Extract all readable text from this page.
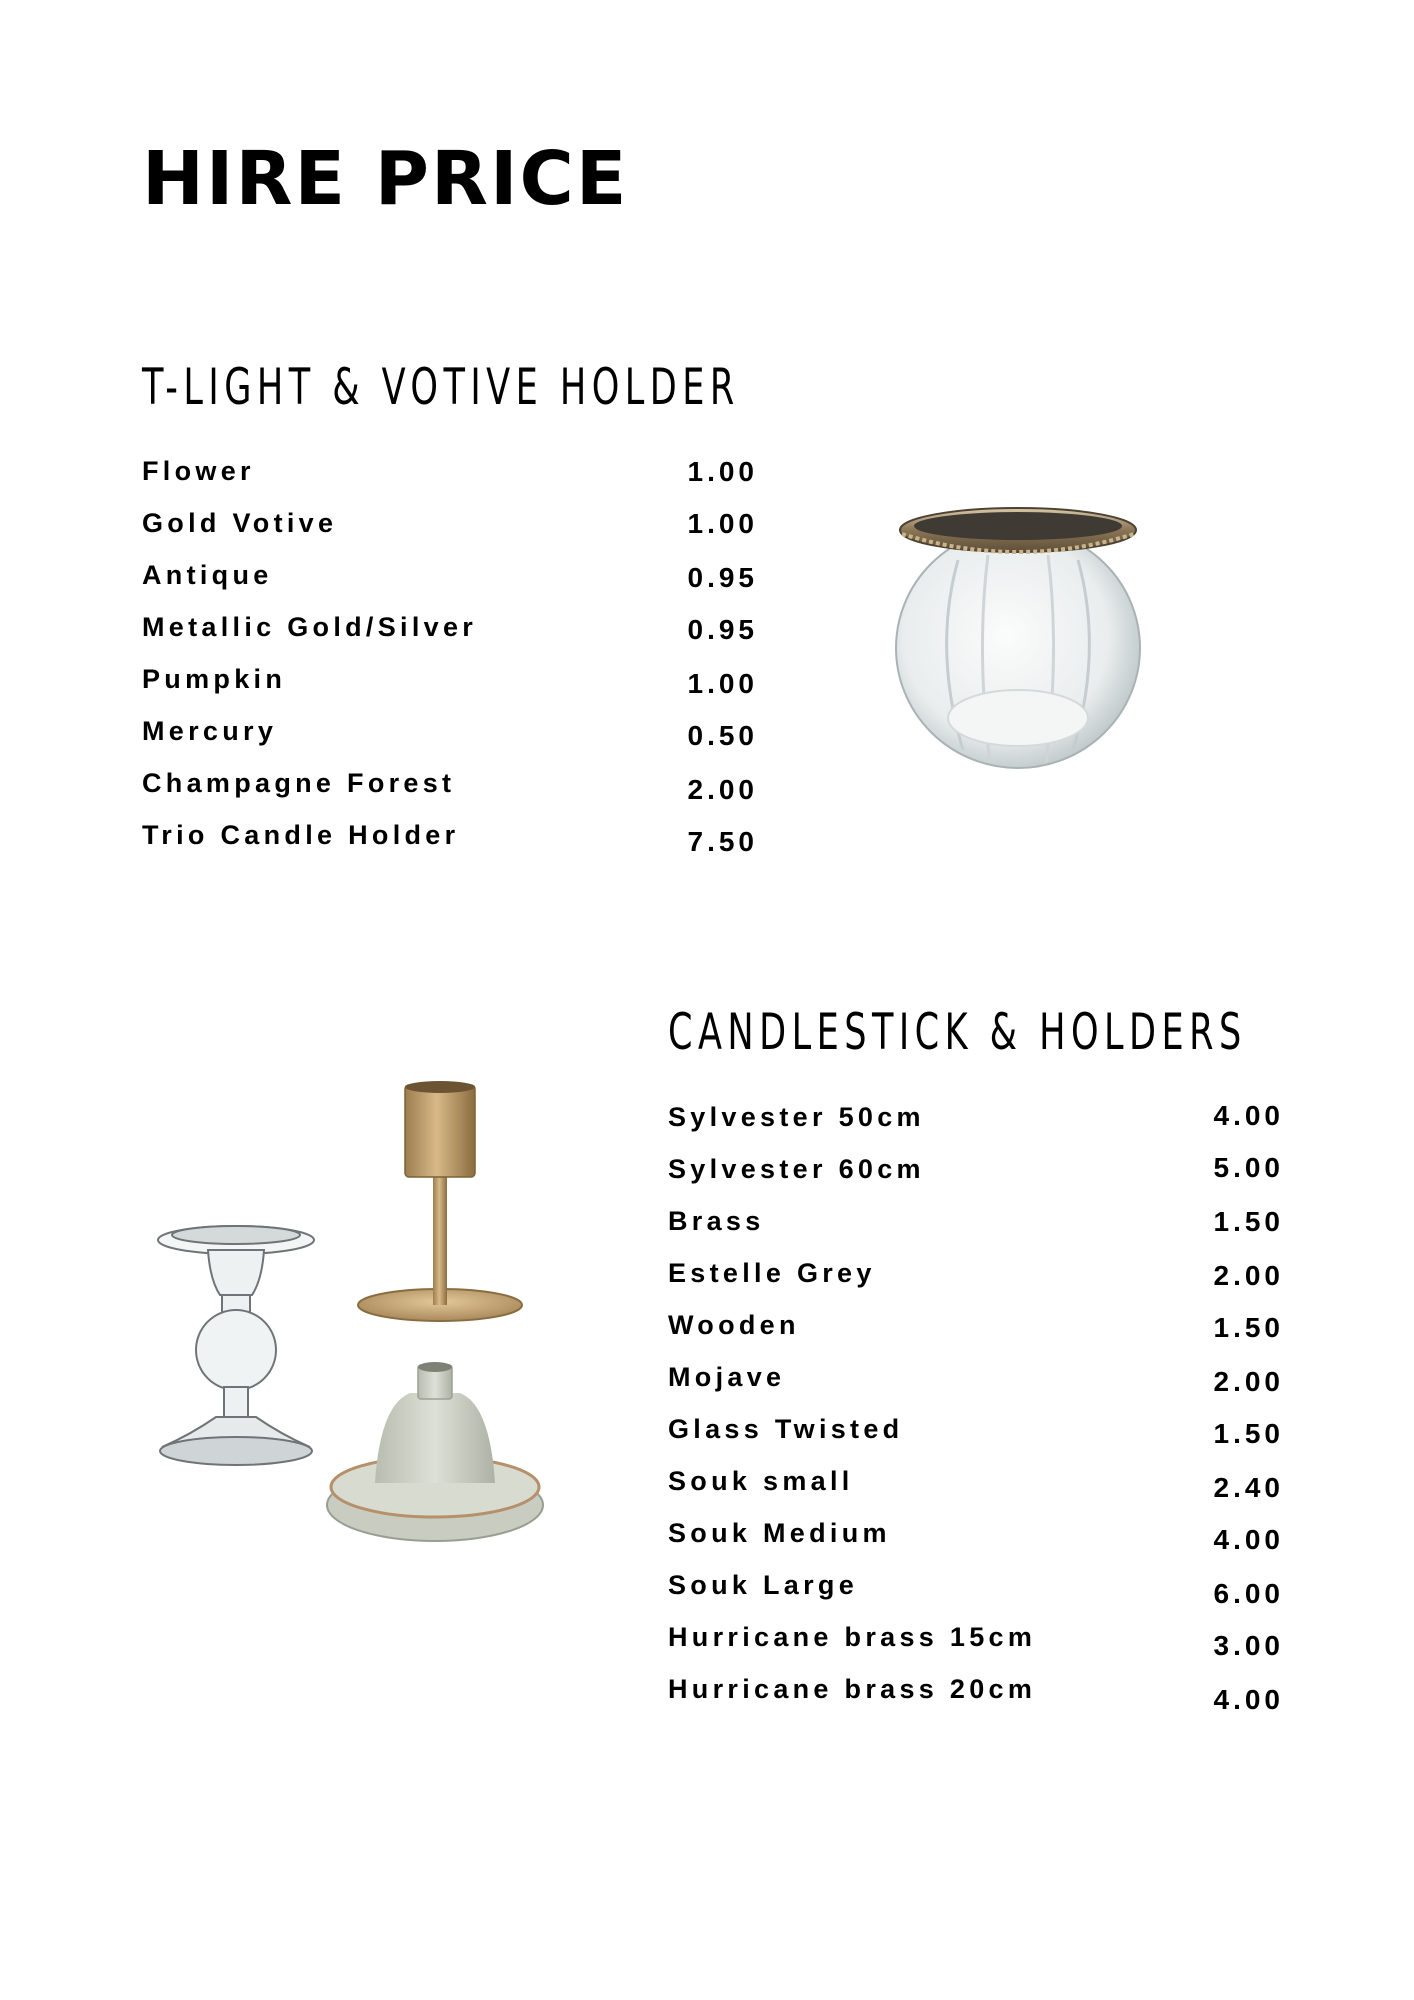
HIRE PRICE
T-LIGHT & VOTIVE HOLDER
Flower	1.00
Gold Votive	1.00
Antique	0.95
Metallic Gold/Silver	0.95
Pumpkin	1.00
Mercury	0.50
Champagne Forest	2.00
Trio Candle Holder	7.50
CANDLESTICK & HOLDERS
Sylvester 50cm	4.00
Sylvester 60cm	5.00
Brass	1.50
Estelle Grey	2.00
Wooden	1.50
Mojave	2.00
Glass Twisted	1.50
Souk small	2.40
Souk Medium	4.00
Souk Large	6.00
Hurricane brass 15cm	3.00
Hurricane brass 20cm	4.00
